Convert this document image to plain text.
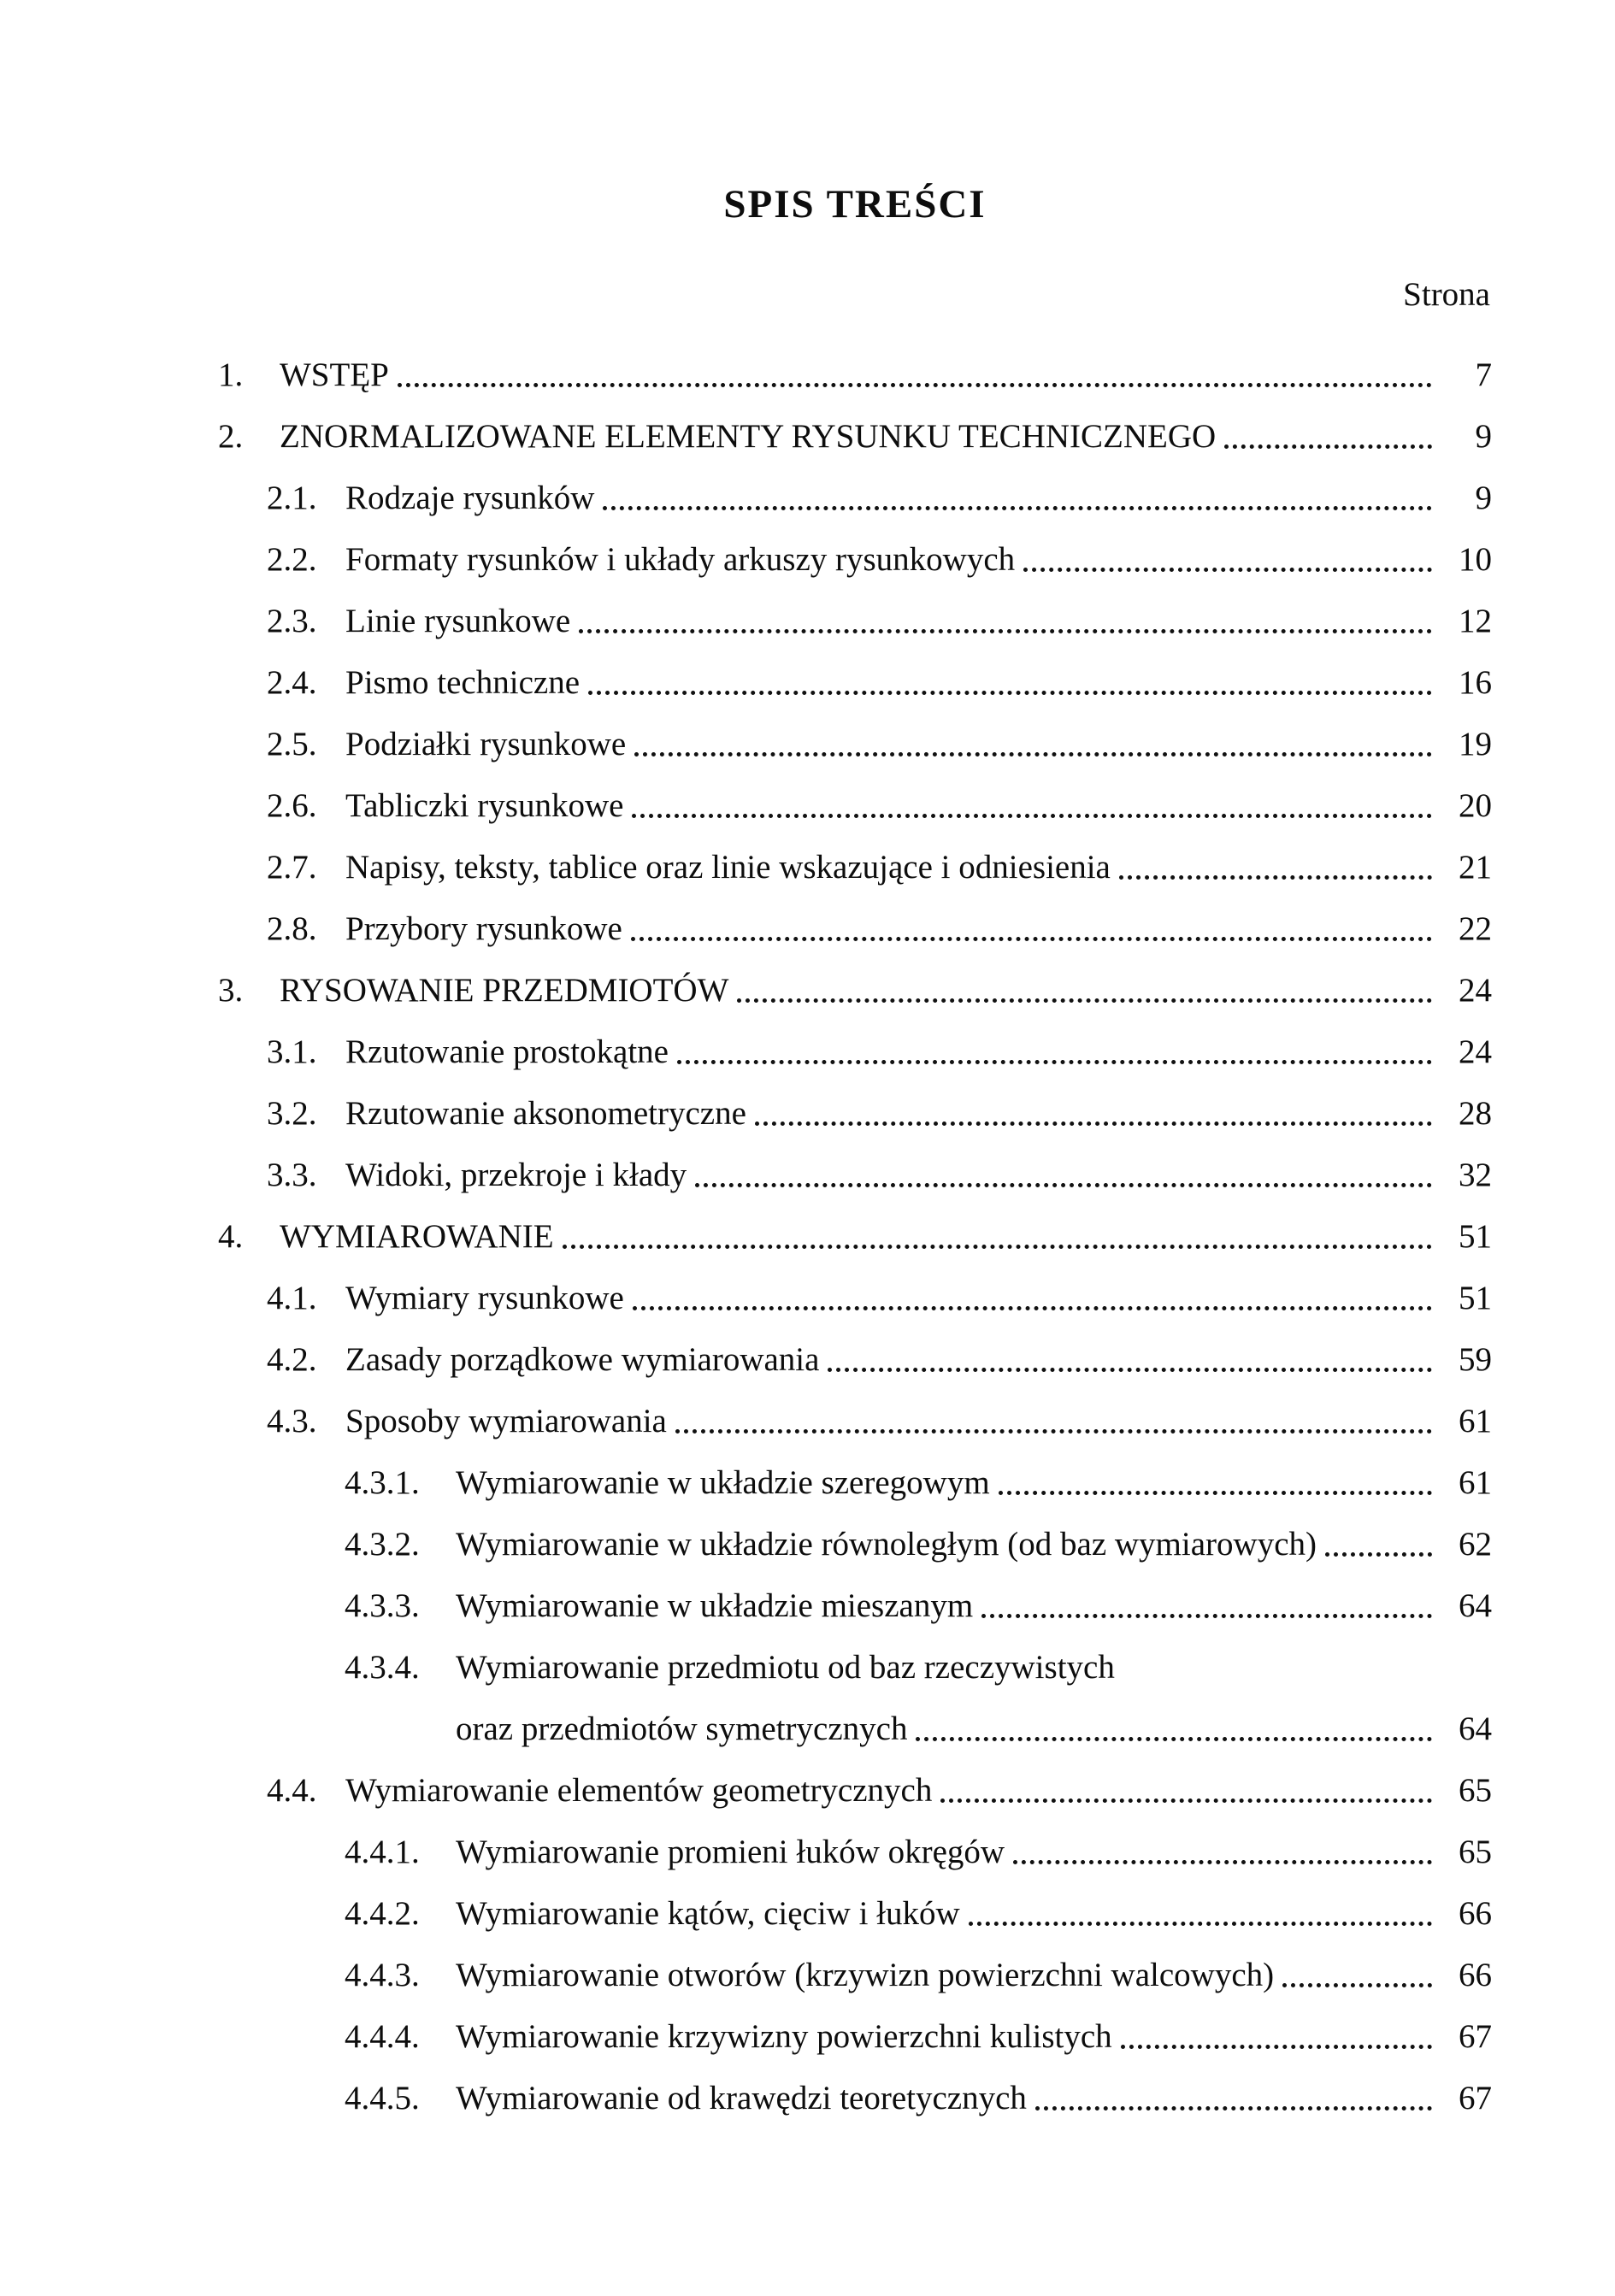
SPIS TREŚCI
Strona
1.	WSTĘP	7
2.	ZNORMALIZOWANE ELEMENTY RYSUNKU TECHNICZNEGO	9
2.1. Rodzaje rysunków	9
2.2. Formaty rysunków i układy arkuszy rysunkowych	10
2.3. Linie rysunkowe	12
2.4. Pismo techniczne	16
2.5. Podziałki rysunkowe	19
2.6. Tabliczki rysunkowe	20
2.7. Napisy, teksty, tablice oraz linie wskazujące i odniesienia	21
2.8. Przybory rysunkowe	22
3.	RYSOWANIE PRZEDMIOTÓW	24
3.1. Rzutowanie prostokątne	24
3.2. Rzutowanie aksonometryczne	28
3.3. Widoki, przekroje i kłady	32
4.	WYMIAROWANIE	51
4.1. Wymiary rysunkowe	51
4.2. Zasady porządkowe wymiarowania	59
4.3. Sposoby wymiarowania	61
4.3.1.	Wymiarowanie w układzie szeregowym	61
4.3.2.	Wymiarowanie w układzie równoległym (od baz wymiarowych)	62
4.3.3.	Wymiarowanie w układzie mieszanym	64
4.3.4.	Wymiarowanie przedmiotu od baz rzeczywistych
oraz przedmiotów symetrycznych	64
4.4. Wymiarowanie elementów geometrycznych	65
4.4.1.	Wymiarowanie promieni łuków okręgów	65
4.4.2.	Wymiarowanie kątów, cięciw i łuków	66
4.4.3.	Wymiarowanie otworów (krzywizn powierzchni walcowych)	66
4.4.4.	Wymiarowanie krzywizny powierzchni kulistych	67
4.4.5.	Wymiarowanie od krawędzi teoretycznych	67
